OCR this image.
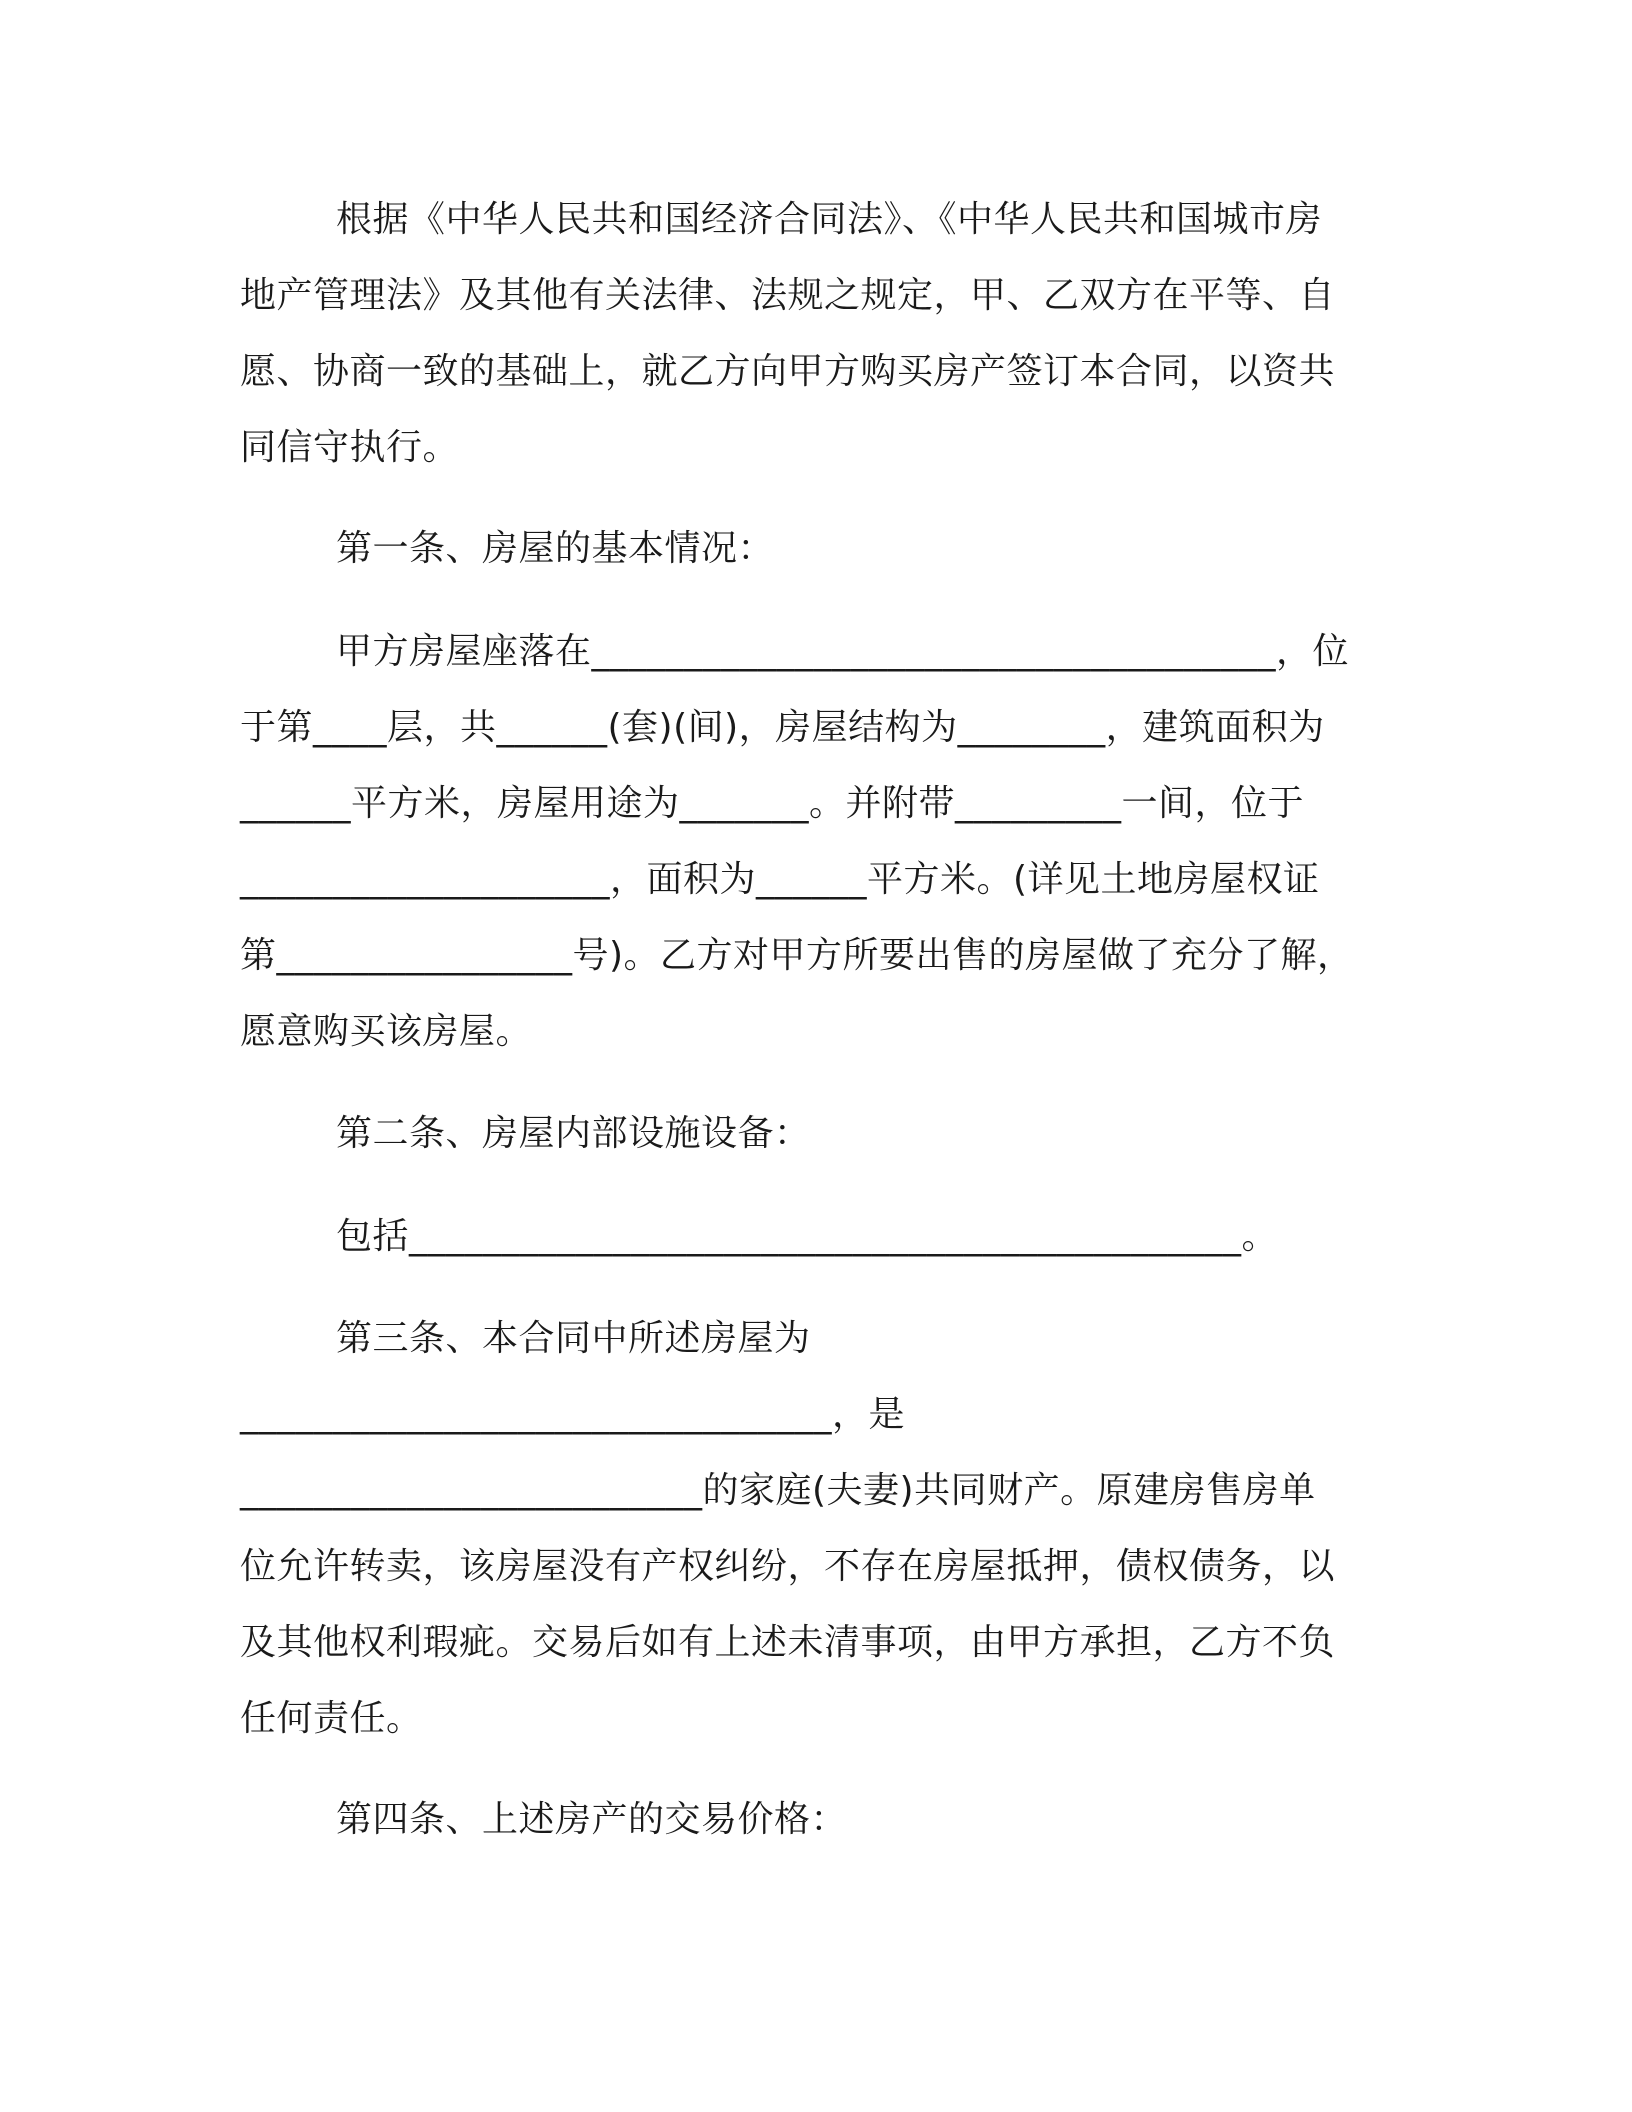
根据《中华人民共和国经济合同法》、《中华人民共和国城市房
地产管理法》及其他有关法律、法规之规定，甲、乙双方在平等、自
愿、协商一致的基础上，就乙方向甲方购买房产签订本合同，以资共
同信守执行。
第一条、房屋的基本情况：
甲方房屋座落在_____________________________________，位
于第____层，共______(套)(间)，房屋结构为________，建筑面积为
______平方米，房屋用途为_______。并附带_________一间，位于
____________________，面积为______平方米。(详见土地房屋权证
第________________号)。乙方对甲方所要出售的房屋做了充分了解，
愿意购买该房屋。
第二条、房屋内部设施设备：
包括_____________________________________________。
第三条、本合同中所述房屋为
________________________________，是
_________________________的家庭(夫妻)共同财产。原建房售房单
位允许转卖，该房屋没有产权纠纷，不存在房屋抵押，债权债务，以
及其他权利瑕疵。交易后如有上述未清事项，由甲方承担，乙方不负
任何责任。
第四条、上述房产的交易价格：
